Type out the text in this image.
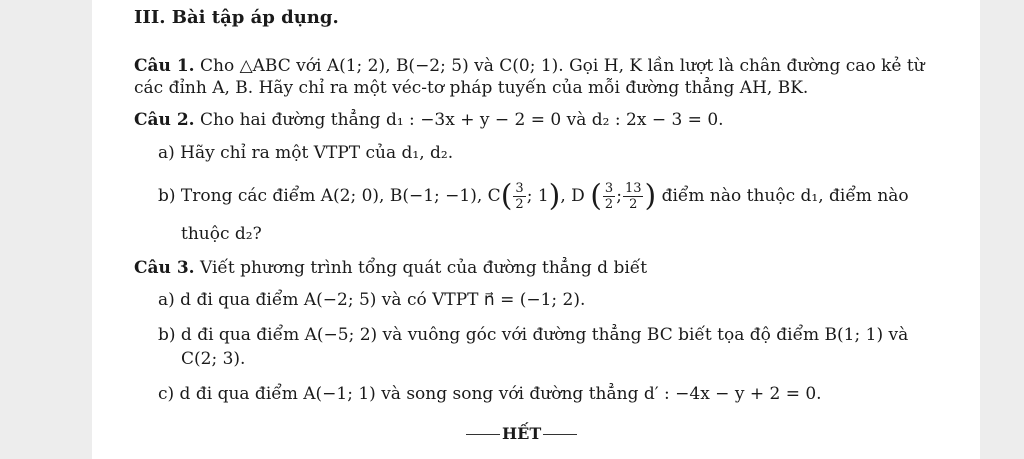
III. Bài tập áp dụng.
Câu 1. Cho △ABC với A(1; 2), B(−2; 5) và C(0; 1). Gọi H, K lần lượt là chân đường cao kẻ từ
các đỉnh A, B. Hãy chỉ ra một véc-tơ pháp tuyến của mỗi đường thẳng AH, BK.
Câu 2. Cho hai đường thẳng d₁ : −3x + y − 2 = 0 và d₂ : 2x − 3 = 0.
a) Hãy chỉ ra một VTPT của d₁, d₂.
b) Trong các điểm A(2; 0), B(−1; −1), $C( \frac{3}{2}$ ; 1), D ( $\frac{3}{2}$ ; $\frac{13}{2}$ ) điểm nào thuộc d₁, điểm nào
thuộc d₂?
Câu 3. Viết phương trình tổng quát của đường thẳng d biết
a) d đi qua điểm A(−2; 5) và có VTPT n⃗ = (−1; 2).
b) d đi qua điểm A(−5; 2) và vuông góc với đường thẳng BC biết tọa độ điểm B(1; 1) và
C(2; 3).
c) d đi qua điểm A(−1; 1) và song song với đường thẳng d′ : −4x − y + 2 = 0.
HẾT
